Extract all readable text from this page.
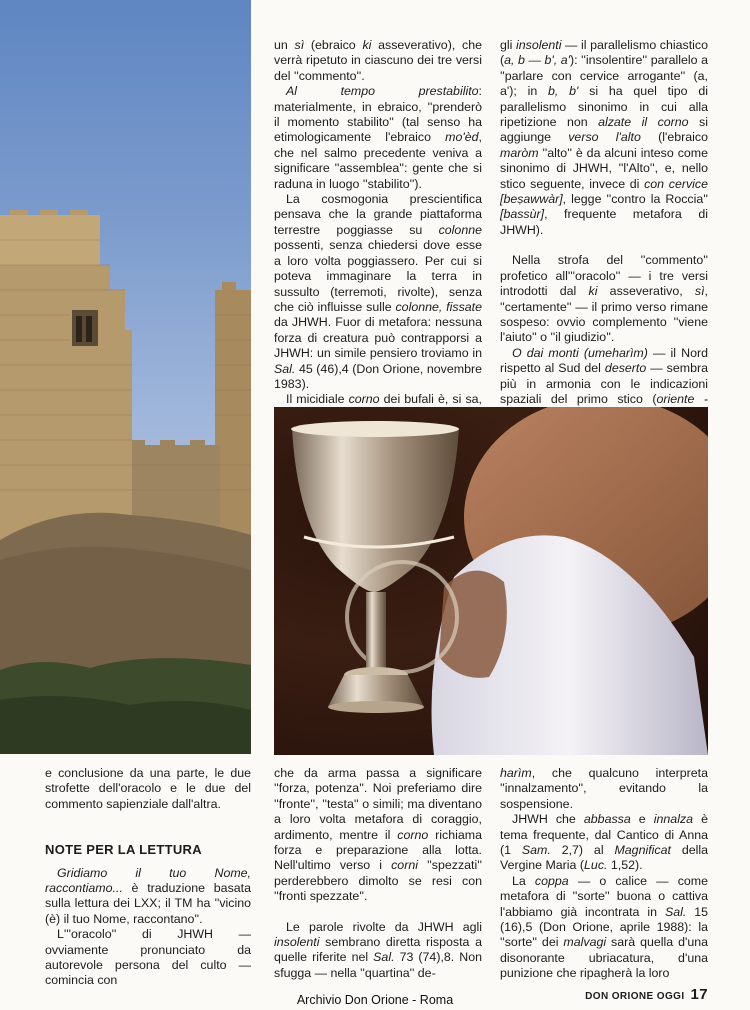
un sì (ebraico ki asseverativo), che verrà ripetuto in ciascuno dei tre versi del ''commento''.

Al tempo prestabilito: materialmente, in ebraico, ''prenderò il momento stabilito'' (tal senso ha etimologicamente l'ebraico mo'èd, che nel salmo precedente veniva a significare ''assemblea'': gente che si raduna in luogo ''stabilito'').

La cosmogonia prescientifica pensava che la grande piattaforma terrestre poggiasse su colonne possenti, senza chiedersi dove esse a loro volta poggiassero. Per cui si poteva immaginare la terra in sussulto (terremoti, rivolte), senza che ciò influisse sulle colonne, fissate da JHWH. Fuor di metafora: nessuna forza di creatura può contrapporsi a JHWH: un simile pensiero troviamo in Sal. 45 (46),4 (Don Orione, novembre 1983).

Il micidiale corno dei bufali è, si sa,

gli insolenti — il parallelismo chiastico (a, b — b', a'): ''insolentire'' parallelo a ''parlare con cervice arrogante'' (a, a'); in b, b' si ha quel tipo di parallelismo sinonimo in cui alla ripetizione non alzate il corno si aggiunge verso l'alto (l'ebraico maròm ''alto'' è da alcuni inteso come sinonimo di JHWH, ''l'Alto'', e, nello stico seguente, invece di con cervice [beṣawwàr], legge ''contro la Roccia'' [bassùr], frequente metafora di JHWH).

Nella strofa del ''commento'' profetico all'''oracolo'' — i tre versi introdotti dal ki asseverativo, sì, ''certamente'' — il primo verso rimane sospeso: ovvio complemento ''viene l'aiuto'' o ''il giudizio''.

O dai monti (umeharìm) — il Nord rispetto al Sud del deserto — sembra più in armonia con le indicazioni spaziali del primo stico (oriente -

e conclusione da una parte, le due strofette dell'oracolo e le due del commento sapienziale dall'altra.

NOTE PER LA LETTURA

Gridiamo il tuo Nome, raccontiamo... è traduzione basata sulla lettura dei LXX; il TM ha ''vicino (è) il tuo Nome, raccontano''.

L'''oracolo'' di JHWH — ovviamente pronunciato da autorevole persona del culto — comincia con

che da arma passa a significare ''forza, potenza''. Noi preferiamo dire ''fronte'', ''testa'' o simili; ma diventano a loro volta metafora di coraggio, ardimento, mentre il corno richiama forza e preparazione alla lotta. Nell'ultimo verso i corni ''spezzati'' perderebbero dimolto se resi con ''fronti spezzate''.

Le parole rivolte da JHWH agli insolenti sembrano diretta risposta a quelle riferite nel Sal. 73 (74),8. Non sfugga — nella ''quartina'' de-

harìm, che qualcuno interpreta ''innalzamento'', evitando la sospensione.

JHWH che abbassa e innalza è tema frequente, dal Cantico di Anna (1 Sam. 2,7) al Magnificat della Vergine Maria (Luc. 1,52).

La coppa — o calice — come metafora di ''sorte'' buona o cattiva l'abbiamo già incontrata in Sal. 15 (16),5 (Don Orione, aprile 1988): la ''sorte'' dei malvagi sarà quella d'una disonorante ubriacatura, d'una punizione che ripagherà la loro

DON ORIONE OGGI 17
Archivio Don Orione - Roma
